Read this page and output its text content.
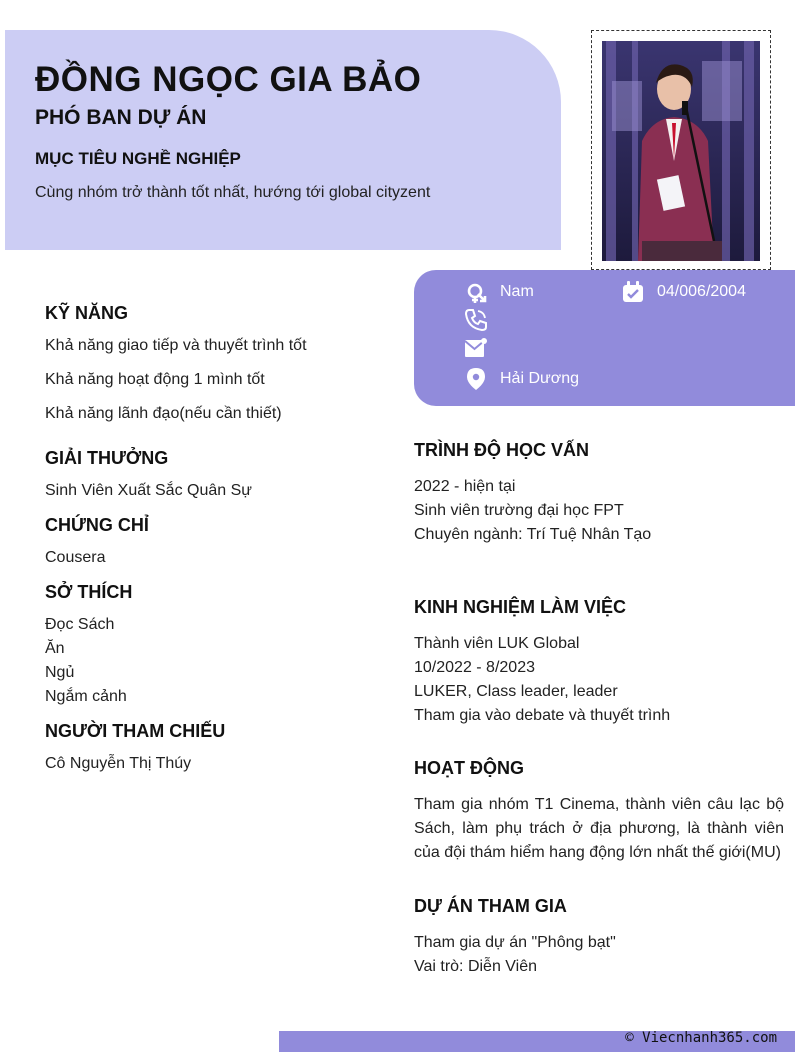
ĐỒNG NGỌC GIA BẢO
PHÓ BAN DỰ ÁN
MỤC TIÊU NGHỀ NGHIỆP

Cùng nhóm trở thành tốt nhất, hướng tới global cityzent

Nam	04/006/2004
Hải Dương
KỸ NĂNG

Khả năng giao tiếp và thuyết trình tốt

Khả năng hoạt động 1 mình tốt

Khả năng lãnh đạo(nếu cần thiết)

GIẢI THƯỞNG

Sinh Viên Xuất Sắc Quân Sự

CHỨNG CHỈ

Cousera

SỞ THÍCH

Đọc Sách

Ăn

Ngủ

Ngắm cảnh

NGƯỜI THAM CHIẾU

Cô Nguyễn Thị Thúy

TRÌNH ĐỘ HỌC VẤN

2022 - hiện tại

Sinh viên trường đại học FPT

Chuyên ngành: Trí Tuệ Nhân Tạo

KINH NGHIỆM LÀM VIỆC

Thành viên LUK Global

10/2022 - 8/2023

LUKER, Class leader, leader

Tham gia vào debate và thuyết trình

HOẠT ĐỘNG

Tham gia nhóm T1 Cinema, thành viên câu lạc bộ Sách, làm phụ trách ở địa phương, là thành viên của đội thám hiểm hang động lớn nhất thế giới(MU)

DỰ ÁN THAM GIA

Tham gia dự án "Phông bạt"

Vai trò: Diễn Viên

© Viecnhanh365.com
